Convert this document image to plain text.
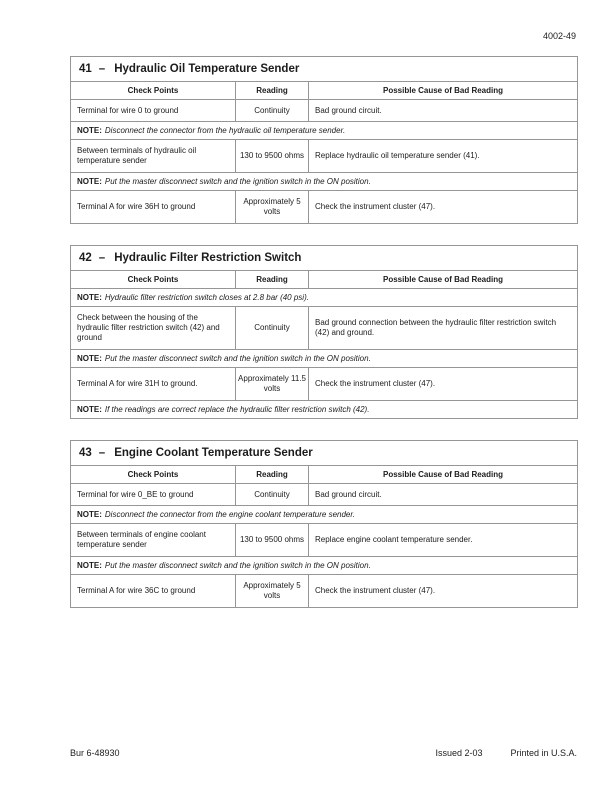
4002-49
41 – Hydraulic Oil Temperature Sender		
Check Points	Reading	Possible Cause of Bad Reading
Terminal for wire 0 to ground	Continuity	Bad ground circuit.
NOTE: Disconnect the connector from the hydraulic oil temperature sender.		
Between terminals of hydraulic oil temperature sender	130 to 9500 ohms	Replace hydraulic oil temperature sender (41).
NOTE: Put the master disconnect switch and the ignition switch in the ON position.		
Terminal A for wire 36H to ground	Approximately 5 volts	Check the instrument cluster (47).
42 – Hydraulic Filter Restriction Switch		
Check Points	Reading	Possible Cause of Bad Reading
NOTE: Hydraulic filter restriction switch closes at 2.8 bar (40 psi).		
Check between the housing of the hydraulic filter restriction switch (42) and ground	Continuity	Bad ground connection between the hydraulic filter restriction switch (42) and ground.
NOTE: Put the master disconnect switch and the ignition switch in the ON position.		
Terminal A for wire 31H to ground.	Approximately 11.5 volts	Check the instrument cluster (47).
NOTE: If the readings are correct replace the hydraulic filter restriction switch (42).		
43 – Engine Coolant Temperature Sender		
Check Points	Reading	Possible Cause of Bad Reading
Terminal for wire 0_BE to ground	Continuity	Bad ground circuit.
NOTE: Disconnect the connector from the engine coolant temperature sender.		
Between terminals of engine coolant temperature sender	130 to 9500 ohms	Replace engine coolant temperature sender.
NOTE: Put the master disconnect switch and the ignition switch in the ON position.		
Terminal A for wire 36C to ground	Approximately 5 volts	Check the instrument cluster (47).
Bur 6-48930	Issued 2-03	Printed in U.S.A.
